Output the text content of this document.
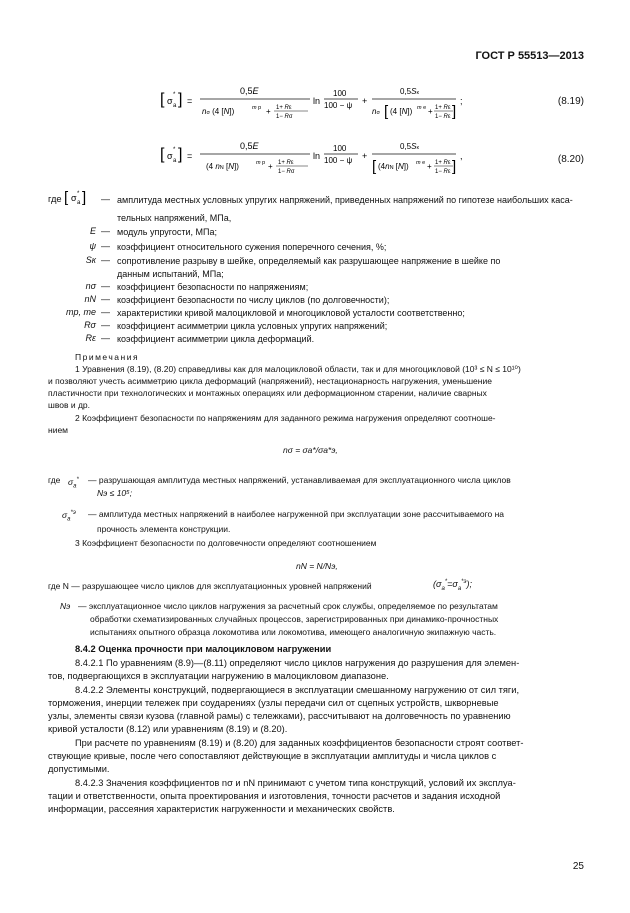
ГОСТ Р 55513—2013
[ σ a
* ] =
0,5E
nσ (4 [N])	m p + 1+ Rε
1− Rσ
ln
100
100 − ψ +
0,5Sк
nσ [ (4 [N]) m e + 1+ Rε
1− Rε ]
;	(8.19)
[ σ a
* ] =
0,5E
(4 nN [N])	m p + 1+ Rε
1− Rσ
ln
100
100 − ψ +
0,5Sк
[ (4nN [N]) m e + 1+ Rε
1− Rε ]
,	(8.20)
где [ σ a
* ] — амплитуда местных условных упругих напряжений, приведенных напряжений по гипотезе наибольших каса-
тельных напряжений, МПа,
E — модуль упругости, МПа;
ψ — коэффициент относительного сужения поперечного сечения, %;
Sк — сопротивление разрыву в шейке, определяемый как разрушающее напряжение в шейке по
данным испытаний, МПа;
nσ — коэффициент безопасности по напряжениям;
nN — коэффициент безопасности по числу циклов (по долговечности);
mp, mе — характеристики кривой малоцикловой и многоцикловой усталости соответственно;
Rσ — коэффициент асимметрии цикла условных упругих напряжений;
Rε — коэффициент асимметрии цикла деформаций.
Примечания
1 Уравнения (8.19), (8.20) справедливы как для малоцикловой области, так и для многоцикловой (10³ ≤ N ≤ 10¹⁰)
и позволяют учесть асимметрию цикла деформаций (напряжений), нестационарность нагружения, уменьшение
пластичности при технологических и монтажных операциях или деформационном старении, наличие сварных
швов и др.
2 Коэффициент безопасности по напряжениям для заданного режима нагружения определяют соотноше-
нием
nσ = σa*/σa*э,
где $\sigma_a^*$ — разрушающая амплитуда местных напряжений, устанавливаемая для эксплуатационного числа циклов
Nэ ≤ 10⁵;
$\sigma_a^{*э}$ — амплитуда местных напряжений в наиболее нагруженной при эксплуатации зоне рассчитываемого на
прочность элемента конструкции.
3 Коэффициент безопасности по долговечности определяют соотношением
nN = N/Nэ,
где N — разрушающее число циклов для эксплуатационных уровней напряжений	$(\sigma_a^*=\sigma_a^{*э})$;
Nэ — эксплуатационное число циклов нагружения за расчетный срок службы, определяемое по результатам
обработки схематизированных случайных процессов, зарегистрированных при динамико-прочностных
испытаниях опытного образца локомотива или локомотива, имеющего аналогичную экипажную часть.
8.4.2 Оценка прочности при малоцикловом нагружении
8.4.2.1 По уравнениям (8.9)—(8.11) определяют число циклов нагружения до разрушения для элемен-
тов, подвергающихся в эксплуатации нагружению в малоцикловом диапазоне.
8.4.2.2 Элементы конструкций, подвергающиеся в эксплуатации смешанному нагружению от сил тяги,
торможения, инерции тележек при соударениях (узлы передачи сил от сцепных устройств, шкворневые
узлы, элементы связи кузова (главной рамы) с тележками), рассчитывают на долговечность по уравнению
кривой усталости (8.12) или уравнениям (8.19) и (8.20).
При расчете по уравнениям (8.19) и (8.20) для заданных коэффициентов безопасности строят соответ-
ствующие кривые, после чего сопоставляют действующие в эксплуатации амплитуды и числа циклов с
допустимыми.
8.4.2.3 Значения коэффициентов nσ и nN принимают с учетом типа конструкций, условий их эксплуа-
тации и ответственности, опыта проектирования и изготовления, точности расчетов и задания исходной
информации, рассеяния характеристик нагруженности и механических свойств.
25
